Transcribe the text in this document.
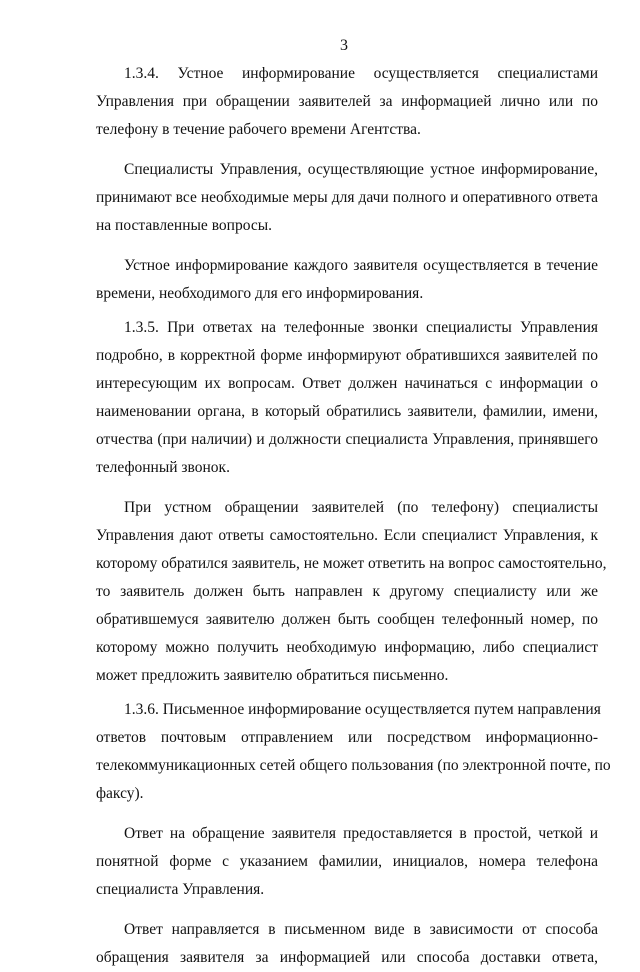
3
1.3.4. Устное информирование осуществляется специалистами
Управления при обращении заявителей за информацией лично или по
телефону в течение рабочего времени Агентства.
Специалисты Управления, осуществляющие устное информирование,
принимают все необходимые меры для дачи полного и оперативного ответа
на поставленные вопросы.
Устное информирование каждого заявителя осуществляется в течение
времени, необходимого для его информирования.
1.3.5. При ответах на телефонные звонки специалисты Управления
подробно, в корректной форме информируют обратившихся заявителей по
интересующим их вопросам. Ответ должен начинаться с информации о
наименовании органа, в который обратились заявители, фамилии, имени,
отчества (при наличии) и должности специалиста Управления, принявшего
телефонный звонок.
При устном обращении заявителей (по телефону) специалисты
Управления дают ответы самостоятельно. Если специалист Управления, к
которому обратился заявитель, не может ответить на вопрос самостоятельно,
то заявитель должен быть направлен к другому специалисту или же
обратившемуся заявителю должен быть сообщен телефонный номер, по
которому можно получить необходимую информацию, либо специалист
может предложить заявителю обратиться письменно.
1.3.6. Письменное информирование осуществляется путем направления
ответов почтовым отправлением или посредством информационно-
телекоммуникационных сетей общего пользования (по электронной почте, по
факсу).
Ответ на обращение заявителя предоставляется в простой, четкой и
понятной форме с указанием фамилии, инициалов, номера телефона
специалиста Управления.
Ответ направляется в письменном виде в зависимости от способа
обращения заявителя за информацией или способа доставки ответа,
